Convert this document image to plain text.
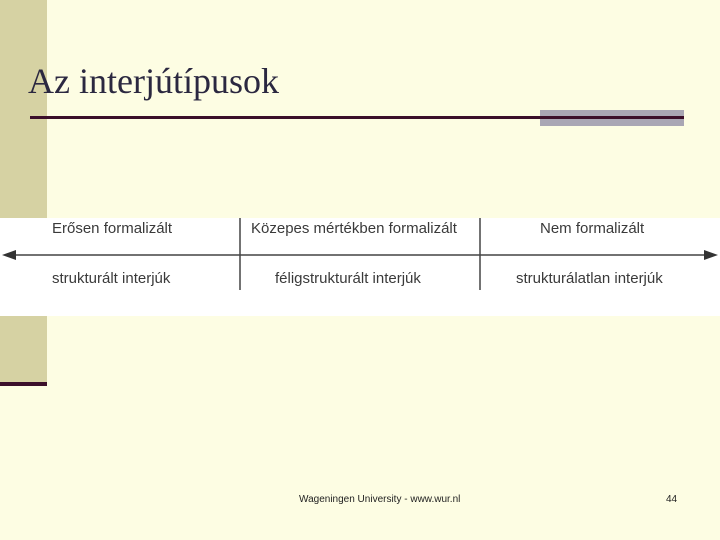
Az interjútípusok
Erősen formalizált	Közepes mértékben formalizált	Nem formalizált
strukturált interjúk	féligstrukturált interjúk	strukturálatlan interjúk
Wageningen University - www.wur.nl	44
